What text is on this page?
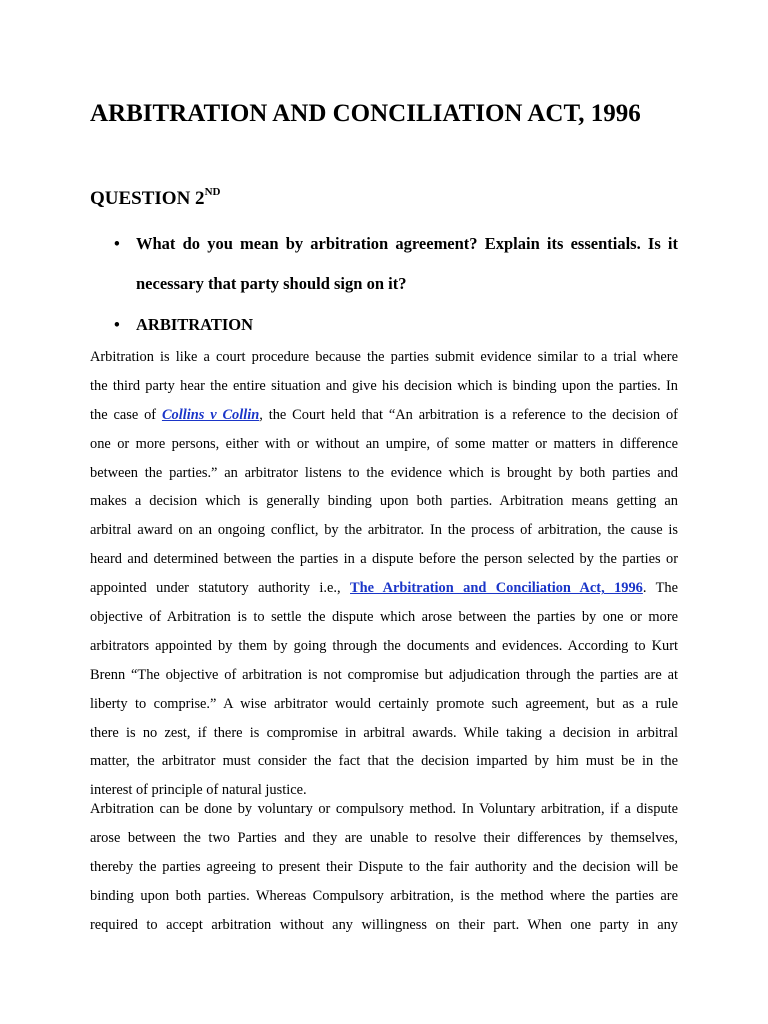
ARBITRATION AND CONCILIATION ACT, 1996
QUESTION 2ND
• What do you mean by arbitration agreement? Explain its essentials. Is it necessary that party should sign on it?

• ARBITRATION
Arbitration is like a court procedure because the parties submit evidence similar to a trial where
the third party hear the entire situation and give his decision which is binding upon the parties. In
the case of Collins v Collin, the Court held that “An arbitration is a reference to the decision of
one or more persons, either with or without an umpire, of some matter or matters in difference
between the parties.” an arbitrator listens to the evidence which is brought by both parties and
makes a decision which is generally binding upon both parties. Arbitration means getting an
arbitral award on an ongoing conflict, by the arbitrator. In the process of arbitration, the cause is
heard and determined between the parties in a dispute before the person selected by the parties or
appointed under statutory authority i.e., The Arbitration and Conciliation Act, 1996. The
objective of Arbitration is to settle the dispute which arose between the parties by one or more
arbitrators appointed by them by going through the documents and evidences. According to Kurt
Brenn “The objective of arbitration is not compromise but adjudication through the parties are at
liberty to comprise.” A wise arbitrator would certainly promote such agreement, but as a rule
there is no zest, if there is compromise in arbitral awards. While taking a decision in arbitral
matter, the arbitrator must consider the fact that the decision imparted by him must be in the
interest of principle of natural justice.
Arbitration can be done by voluntary or compulsory method. In Voluntary arbitration, if a dispute
arose between the two Parties and they are unable to resolve their differences by themselves,
thereby the parties agreeing to present their Dispute to the fair authority and the decision will be
binding upon both parties. Whereas Compulsory arbitration, is the method where the parties are
required to accept arbitration without any willingness on their part. When one party in any
